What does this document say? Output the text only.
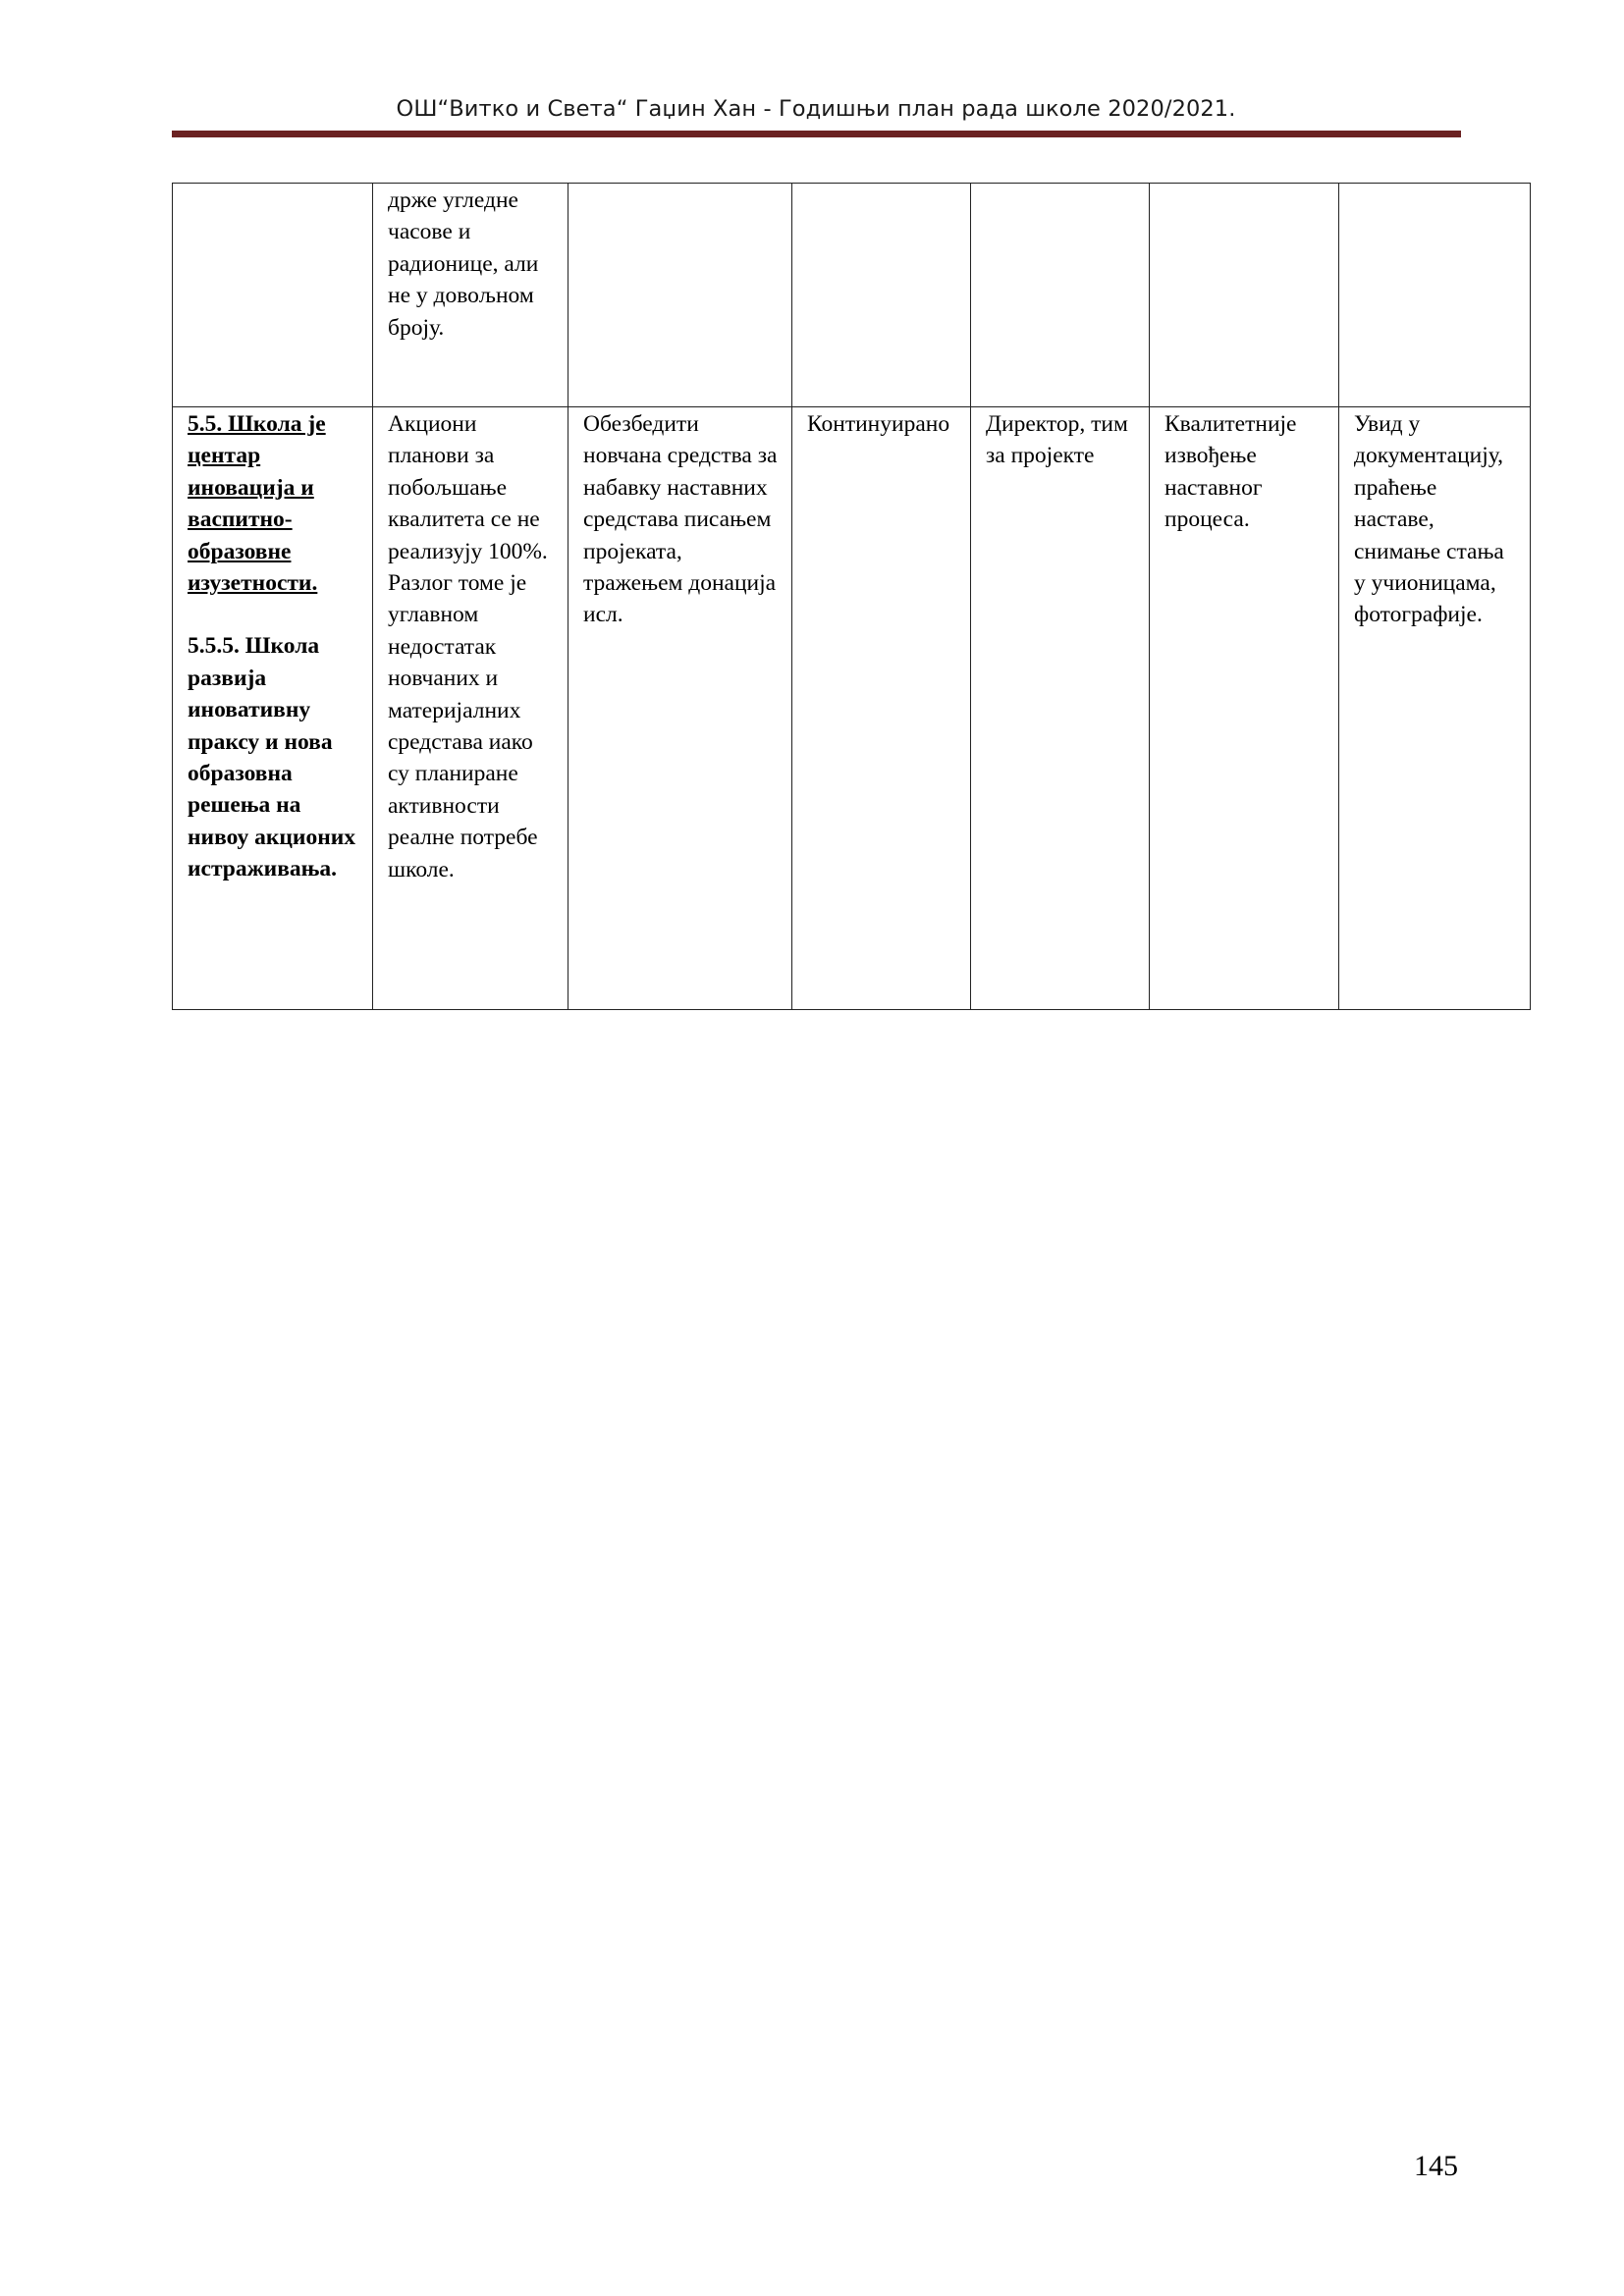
ОШ“Витко и Света“ Гаџин Хан - Годишњи план рада школе 2020/2021.
	држе угледне часове и радионице, али не у довољном броју.					

5.5. Школа је центар иновација и васпитно-образовне изузетности.
5.5.5. Школа развија иновативну праксу и нова образовна решења на нивоу акционих истраживања.	Акциони планови за побољшање квалитета се не реализују 100%. Разлог томе је углавном недостатак новчаних и материјалних средстава иако су планиране активности реалне потребе школе.	Обезбедити новчана средства за набавку наставних средстава писањем пројеката, тражењем донација исл.	Континуирано	Директор, тим за пројекте	Квалитетније извођење наставног процеса.	Увид у документацију, праћење наставе, снимање стања у учионицама, фотографије.
145
